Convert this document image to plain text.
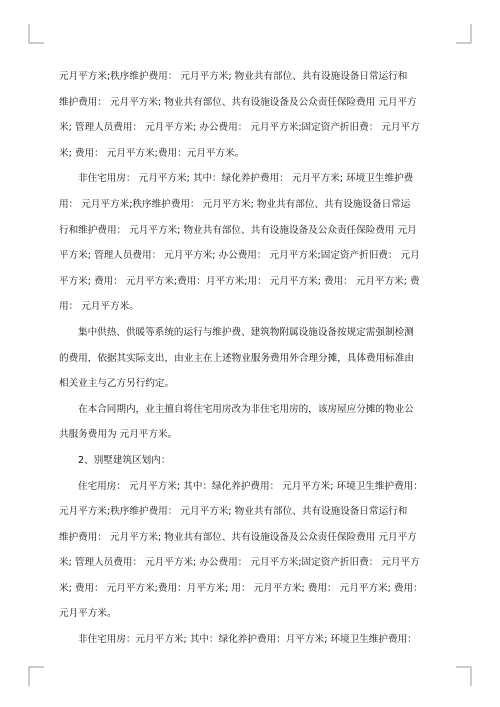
元月平方米;秩序维护费用： 元月平方米; 物业共有部位、共有设施设备日常运行和

维护费用： 元月平方米; 物业共有部位、共有设施设备及公众责任保险费用 元月平方

米; 管理人员费用： 元月平方米; 办公费用： 元月平方米;固定资产折旧费： 元月平方

米; 费用： 元月平方米;费用：元月平方米。

非住宅用房： 元月平方米; 其中：绿化养护费用： 元月平方米; 环境卫生维护费

用： 元月平方米;秩序维护费用： 元月平方米; 物业共有部位、共有设施设备日常运

行和维护费用： 元月平方米; 物业共有部位、共有设施设备及公众责任保险费用 元月

平方米; 管理人员费用： 元月平方米; 办公费用： 元月平方米;固定资产折旧费： 元月

平方米; 费用： 元月平方米;费用：月平方米;用： 元月平方米; 费用： 元月平方米; 费

用： 元月平方米。

集中供热、供暖等系统的运行与维护费、建筑物附属设施设备按规定需强制检测

的费用，依据其实际支出，由业主在上述物业服务费用外合理分摊，具体费用标准由

相关业主与乙方另行约定。

在本合同期内，业主擅自将住宅用房改为非住宅用房的，该房屋应分摊的物业公

共服务费用为 元月平方米。

2、别墅建筑区划内：

住宅用房： 元月平方米; 其中：绿化养护费用： 元月平方米; 环境卫生维护费用：

元月平方米;秩序维护费用： 元月平方米; 物业共有部位、共有设施设备日常运行和

维护费用： 元月平方米; 物业共有部位、共有设施设备及公众责任保险费用 元月平方

米; 管理人员费用： 元月平方米; 办公费用： 元月平方米;固定资产折旧费： 元月平方

米; 费用： 元月平方米;费用：月平方米; 用： 元月平方米; 费用： 元月平方米; 费用：

元月平方米。

非住宅用房：元月平方米; 其中：绿化养护费用：月平方米; 环境卫生维护费用：
